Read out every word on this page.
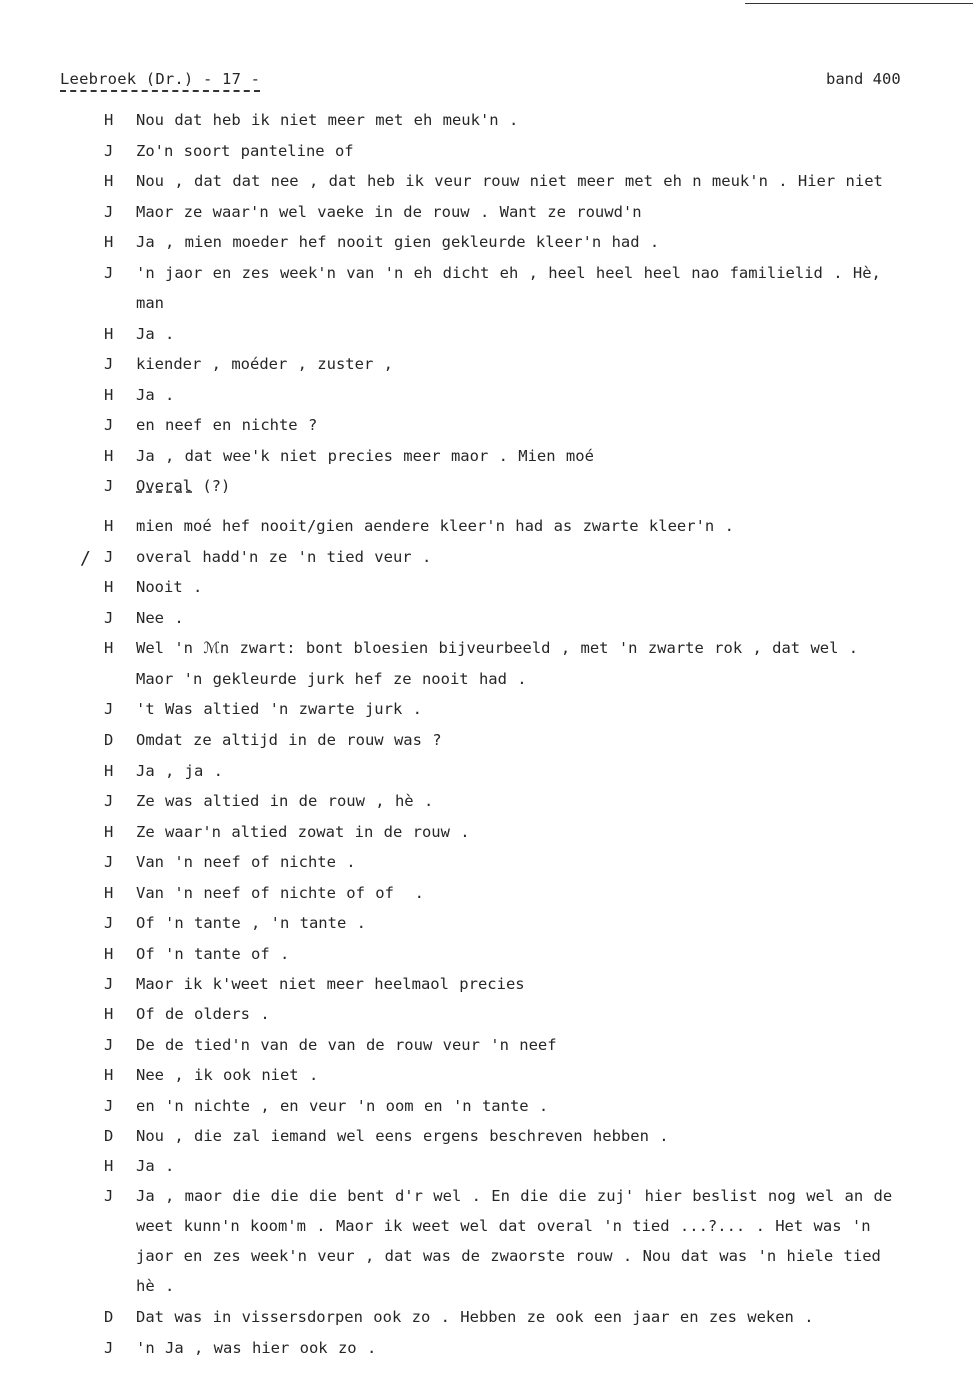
Leebroek (Dr.) - 17 -	band 400
H Nou dat heb ik niet meer met eh meuk'n .
J Zo'n soort panteline of
H Nou , dat dat nee , dat heb ik veur rouw niet meer met eh n meuk'n . Hier niet
J Maor ze waar'n wel vaeke in de rouw . Want ze rouwd'n
H Ja , mien moeder hef nooit gien gekleurde kleer'n had .
J 'n jaor en zes week'n van 'n eh dicht eh , heel heel heel nao familielid . Hè,
man
H Ja .
J kiender , moéder , zuster ,
H Ja .
J en neef en nichte ?
H Ja , dat wee'k niet precies meer maor . Mien moé
J Overal (?)
H mien moé hef nooit/gien aendere kleer'n had as zwarte kleer'n .
/ J overal hadd'n ze 'n tied veur .
H Nooit .
J Nee .
H Wel 'n ℳn zwart: bont bloesien bijveurbeeld , met 'n zwarte rok , dat wel .
Maor 'n gekleurde jurk hef ze nooit had .
J 't Was altied 'n zwarte jurk .
D Omdat ze altijd in de rouw was ?
H Ja , ja .
J Ze was altied in de rouw , hè .
H Ze waar'n altied zowat in de rouw .
J Van 'n neef of nichte .
H Van 'n neef of nichte of of  .
J Of 'n tante , 'n tante .
H Of 'n tante of .
J Maor ik k'weet niet meer heelmaol precies
H Of de olders .
J De de tied'n van de van de rouw veur 'n neef
H Nee , ik ook niet .
J en 'n nichte , en veur 'n oom en 'n tante .
D Nou , die zal iemand wel eens ergens beschreven hebben .
H Ja .
J Ja , maor die die die bent d'r wel . En die die zuj' hier beslist nog wel an de
weet kunn'n koom'm . Maor ik weet wel dat overal 'n tied ...?... . Het was 'n
jaor en zes week'n veur , dat was de zwaorste rouw . Nou dat was 'n hiele tied
hè .
D Dat was in vissersdorpen ook zo . Hebben ze ook een jaar en zes weken .
J 'n Ja , was hier ook zo .
